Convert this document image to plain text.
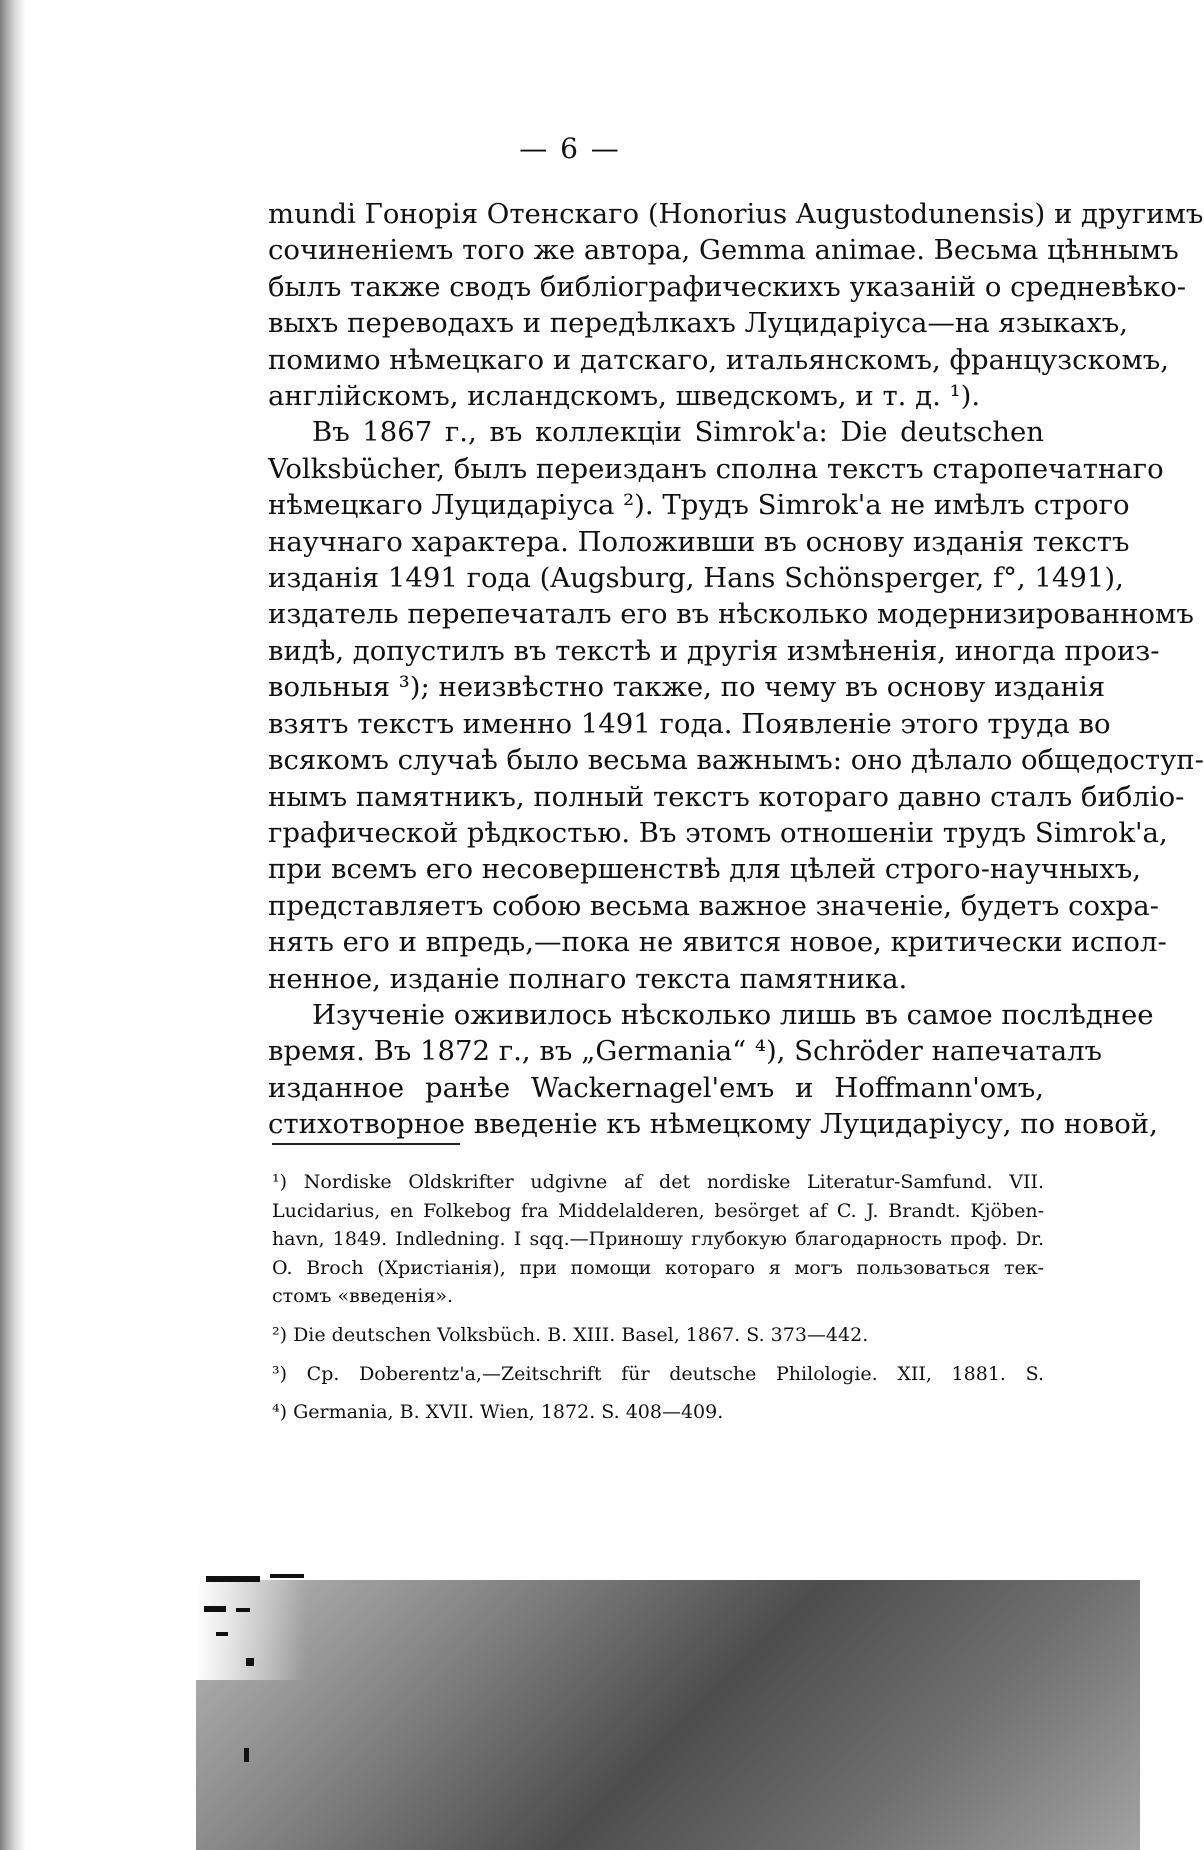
— 6 —
mundi Гонорія Отенскаго (Honorius Augustodunensis) и другимъ
сочиненіемъ того же автора, Gemma animae. Весьма цѣннымъ
былъ также сводъ библіографическихъ указаній о средневѣко-
выхъ переводахъ и передѣлкахъ Луцидаріуса—на языкахъ,
помимо нѣмецкаго и датскаго, итальянскомъ, французскомъ,
англійскомъ, исландскомъ, шведскомъ, и т. д. ¹).
Въ 1867 г., въ коллекціи Simrok'а: Die deutschen
Volksbücher, былъ переизданъ сполна текстъ старопечатнаго
нѣмецкаго Луцидаріуса ²). Трудъ Simrok'а не имѣлъ строго
научнаго характера. Положивши въ основу изданія текстъ
изданія 1491 года (Augsburg, Hans Schönsperger, f°, 1491),
издатель перепечаталъ его въ нѣсколько модернизированномъ
видѣ, допустилъ въ текстѣ и другія измѣненія, иногда произ-
вольныя ³); неизвѣстно также, по чему въ основу изданія
взятъ текстъ именно 1491 года. Появленіе этого труда во
всякомъ случаѣ было весьма важнымъ: оно дѣлало общедоступ-
нымъ памятникъ, полный текстъ котораго давно сталъ библіо-
графической рѣдкостью. Въ этомъ отношеніи трудъ Simrok'а,
при всемъ его несовершенствѣ для цѣлей строго-научныхъ,
представляетъ собою весьма важное значеніе, будетъ сохра-
нять его и впредь,—пока не явится новое, критически испол-
ненное, изданіе полнаго текста памятника.
Изученіе оживилось нѣсколько лишь въ самое послѣднее
время. Въ 1872 г., въ „Germania“ ⁴), Schröder напечаталъ
изданное ранѣе Wackernagel'емъ и Hoffmann'омъ,
стихотворное введеніе къ нѣмецкому Луцидаріусу, по новой,
¹) Nordiske Oldskrifter udgivne af det nordiske Literatur-Samfund. VII.
Lucidarius, en Folkebog fra Middelalderen, besörget af C. J. Brandt. Kjöben-
havn, 1849. Indledning. I sqq.—Приношу глубокую благодарность проф. Dr.
O. Broch (Христіанія), при помощи котораго я могъ пользоваться тек-
стомъ «введенія».
²) Die deutschen Volksbüch. B. XIII. Basel, 1867. S. 373—442.
³) Ср. Doberentz'а,—Zeitschrift für deutsche Philologie. XII, 1881. S.
⁴) Germania, B. XVII. Wien, 1872. S. 408—409.
